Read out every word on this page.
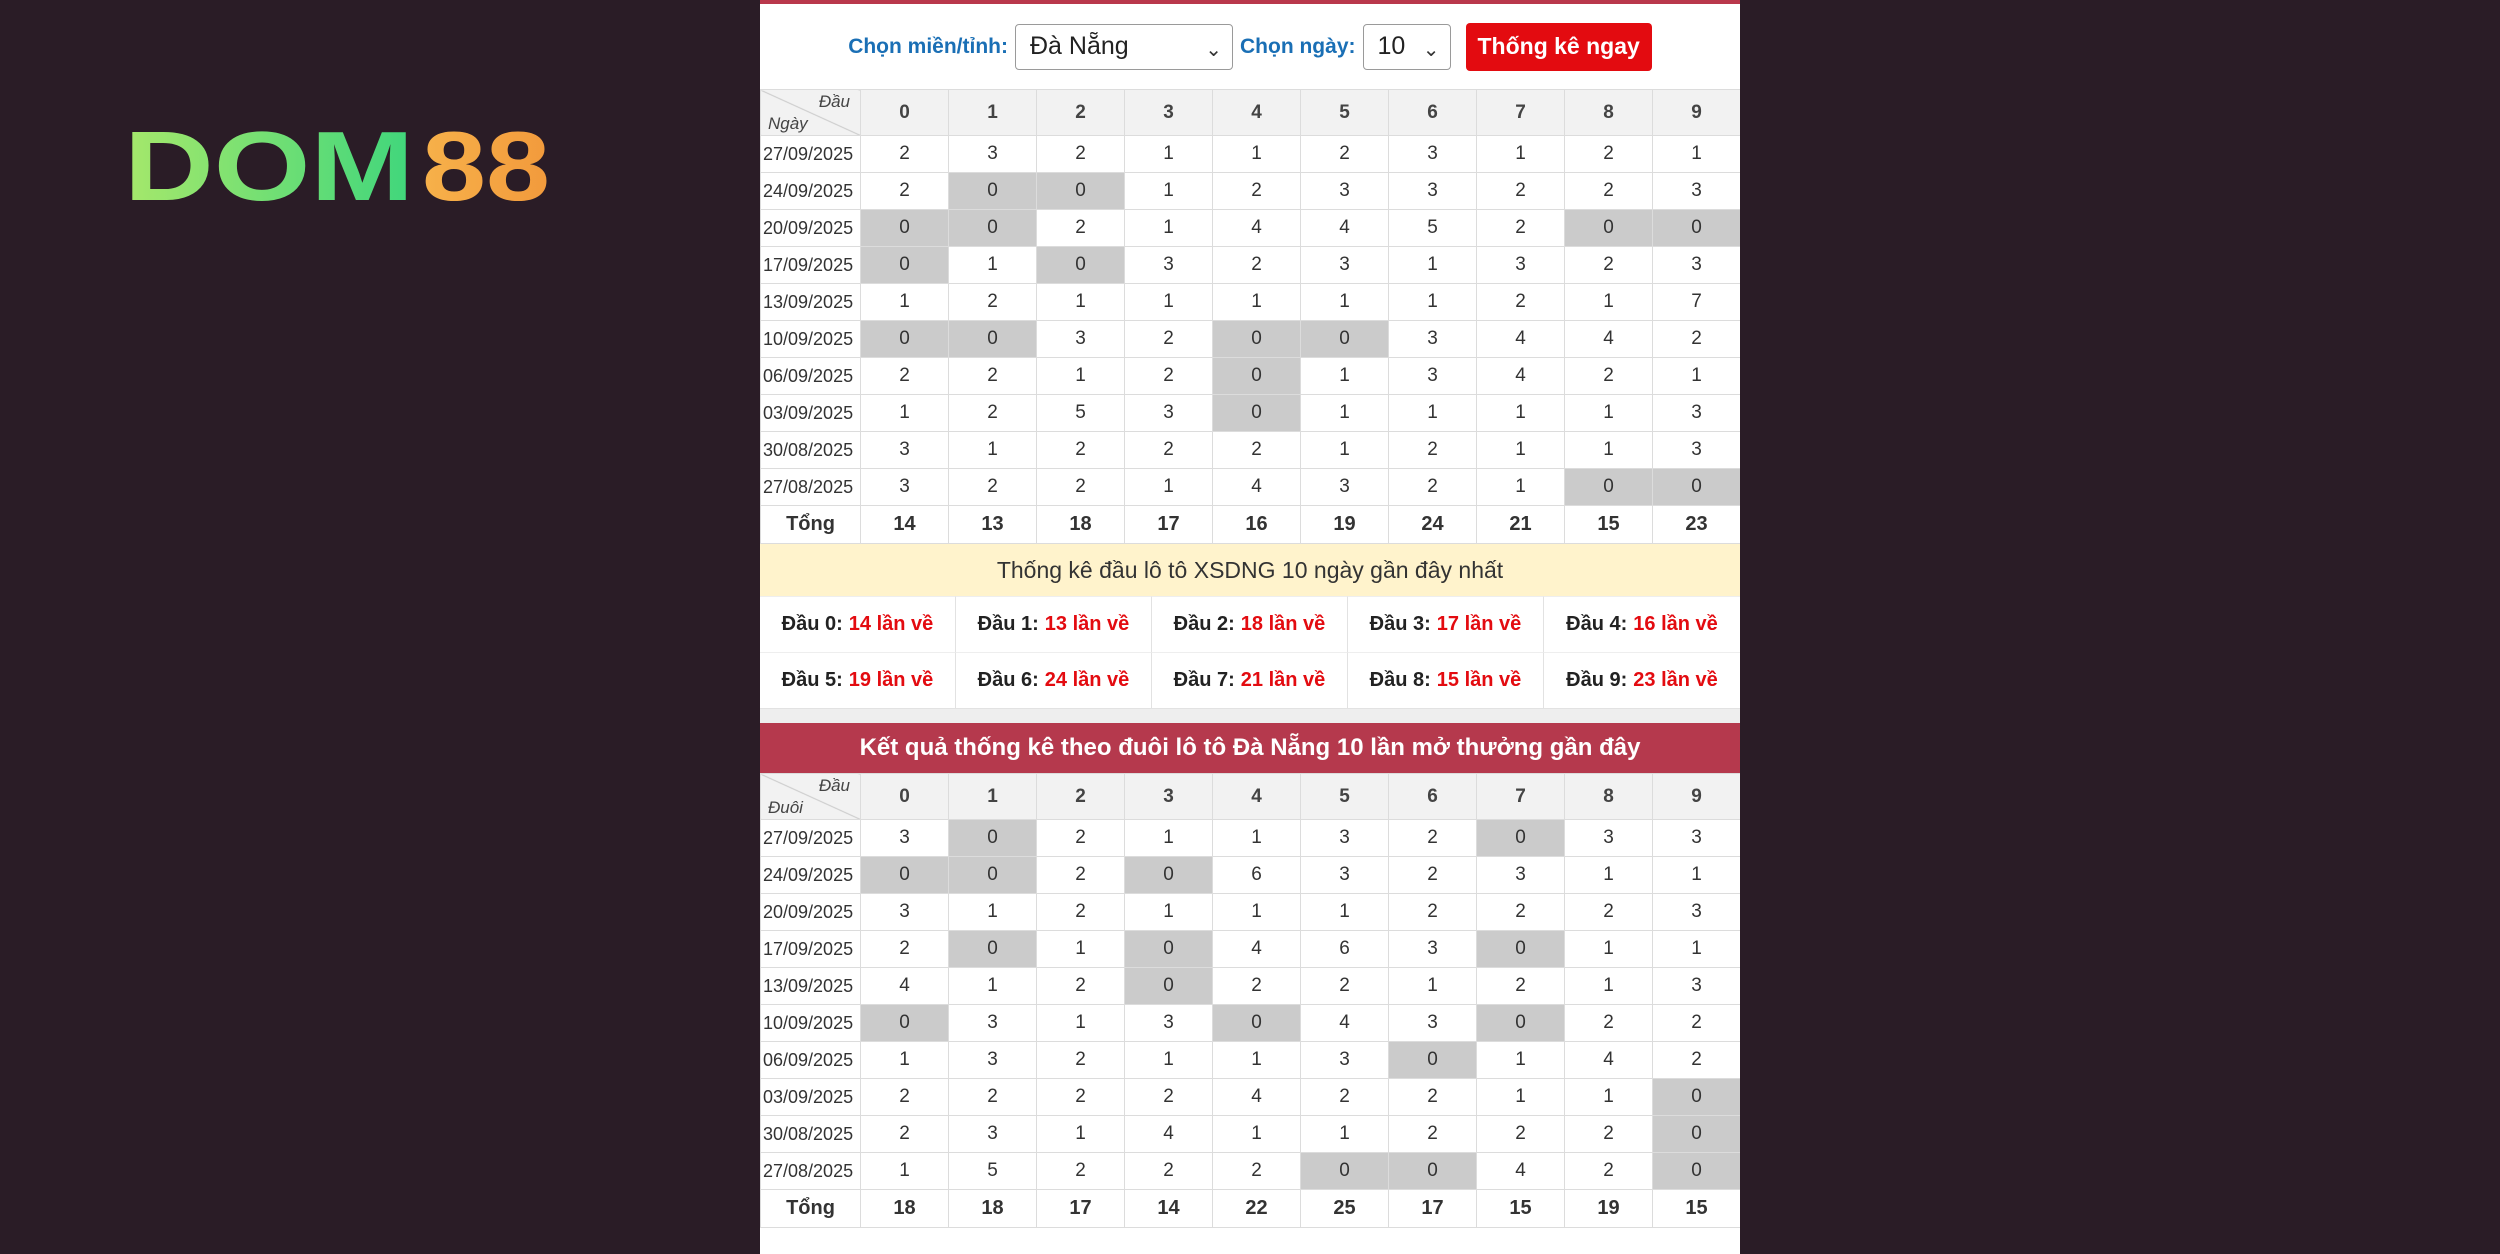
DOM 88
Chọn miền/tỉnh: Đà Nẵng	⌄ Chọn ngày: 10 ⌄	Thống kê ngay
Đầu
Ngày	0	1	2	3	4	5	6	7	8	9
27/09/2025	2	3	2	1	1	2	3	1	2	1
24/09/2025	2	0	0	1	2	3	3	2	2	3
20/09/2025	0	0	2	1	4	4	5	2	0	0
17/09/2025	0	1	0	3	2	3	1	3	2	3
13/09/2025	1	2	1	1	1	1	1	2	1	7
10/09/2025	0	0	3	2	0	0	3	4	4	2
06/09/2025	2	2	1	2	0	1	3	4	2	1
03/09/2025	1	2	5	3	0	1	1	1	1	3
30/08/2025	3	1	2	2	2	1	2	1	1	3
27/08/2025	3	2	2	1	4	3	2	1	0	0
Tổng	14	13	18	17	16	19	24	21	15	23
Thống kê đầu lô tô XSDNG 10 ngày gần đây nhất
Đầu 0: 14 lần về Đầu 1: 13 lần về Đầu 2: 18 lần về Đầu 3: 17 lần về Đầu 4: 16 lần về
Đầu 5: 19 lần về Đầu 6: 24 lần về Đầu 7: 21 lần về Đầu 8: 15 lần về Đầu 9: 23 lần về
Kết quả thống kê theo đuôi lô tô Đà Nẵng 10 lần mở thưởng gần đây
Đầu
Đuôi	0	1	2	3	4	5	6	7	8	9
27/09/2025	3	0	2	1	1	3	2	0	3	3
24/09/2025	0	0	2	0	6	3	2	3	1	1
20/09/2025	3	1	2	1	1	1	2	2	2	3
17/09/2025	2	0	1	0	4	6	3	0	1	1
13/09/2025	4	1	2	0	2	2	1	2	1	3
10/09/2025	0	3	1	3	0	4	3	0	2	2
06/09/2025	1	3	2	1	1	3	0	1	4	2
03/09/2025	2	2	2	2	4	2	2	1	1	0
30/08/2025	2	3	1	4	1	1	2	2	2	0
27/08/2025	1	5	2	2	2	0	0	4	2	0
Tổng	18	18	17	14	22	25	17	15	19	15
